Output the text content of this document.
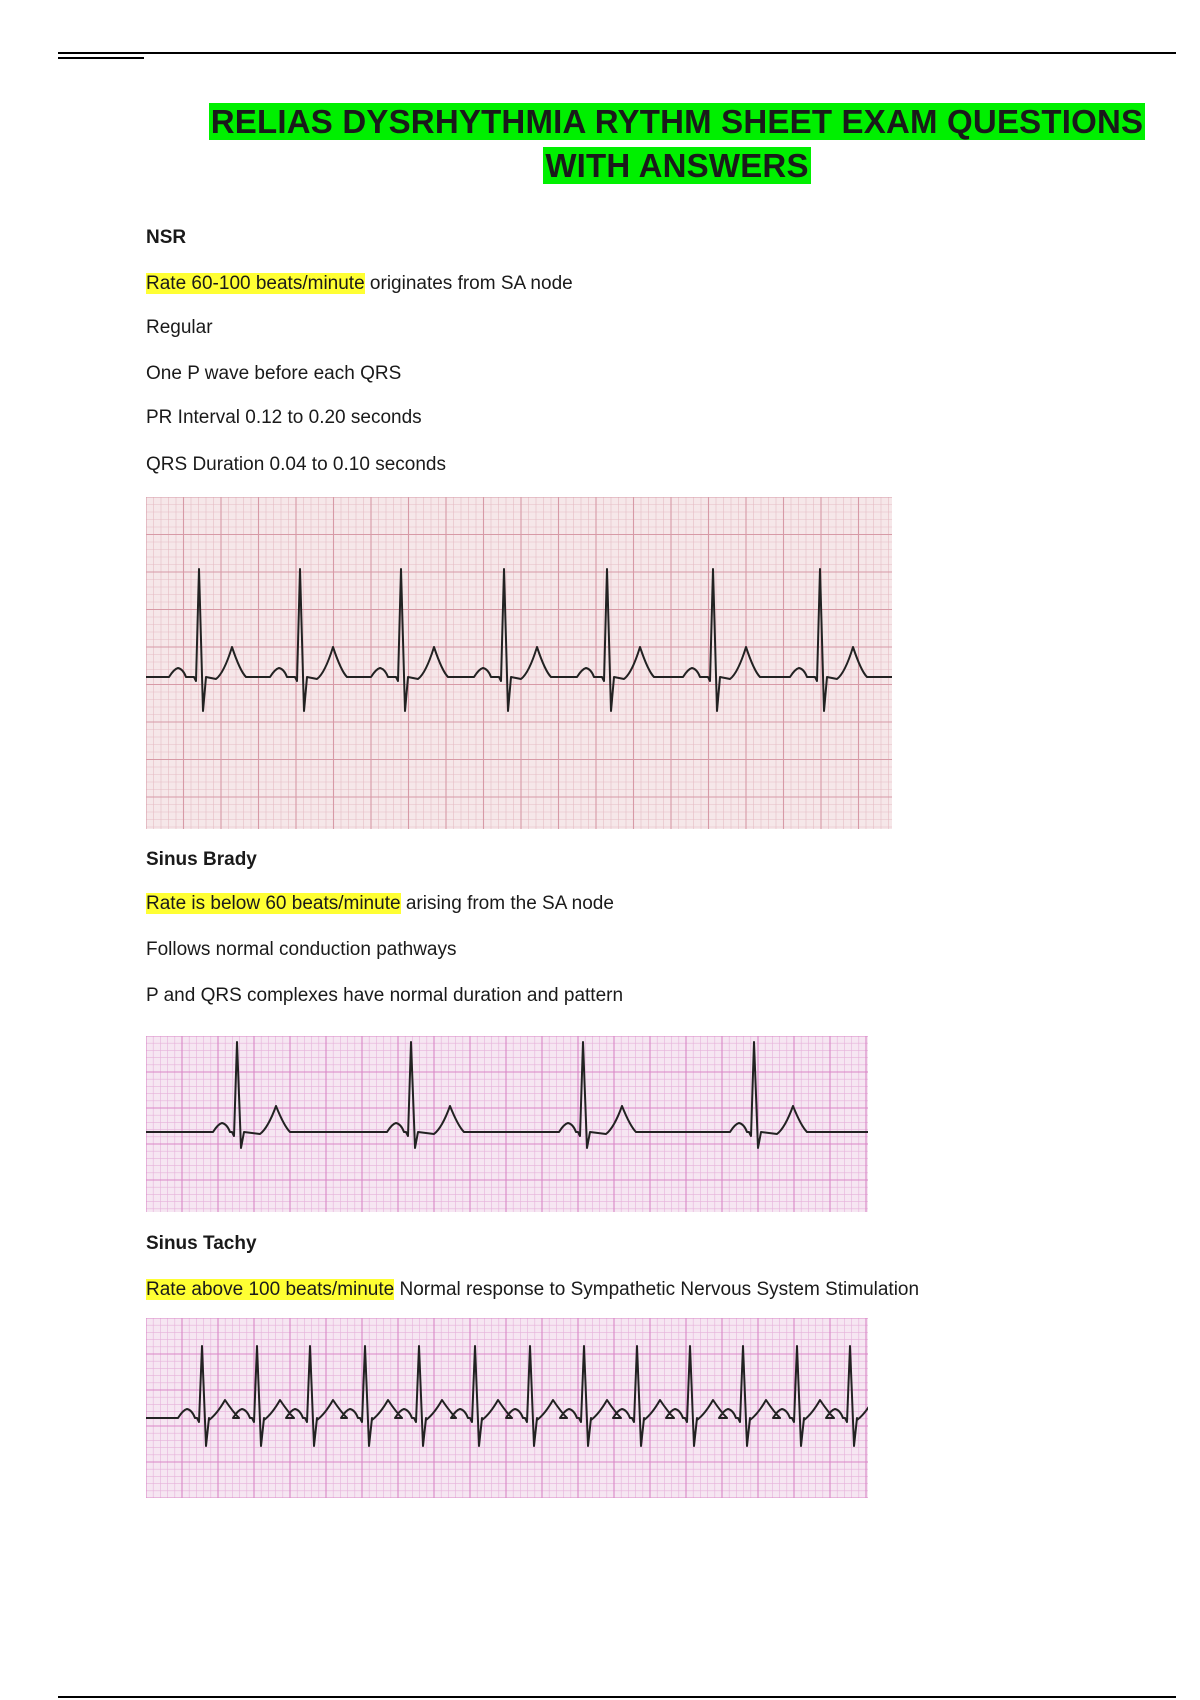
RELIAS DYSRHYTHMIA RYTHM SHEET EXAM QUESTIONS WITH ANSWERS
NSR
Rate 60-100 beats/minute originates from SA node
Regular
One P wave before each QRS
PR Interval 0.12 to 0.20 seconds
QRS Duration 0.04 to 0.10 seconds
Sinus Brady
Rate is below 60 beats/minute arising from the SA node
Follows normal conduction pathways
P and QRS complexes have normal duration and pattern
Sinus Tachy
Rate above 100 beats/minute Normal response to Sympathetic Nervous System Stimulation
